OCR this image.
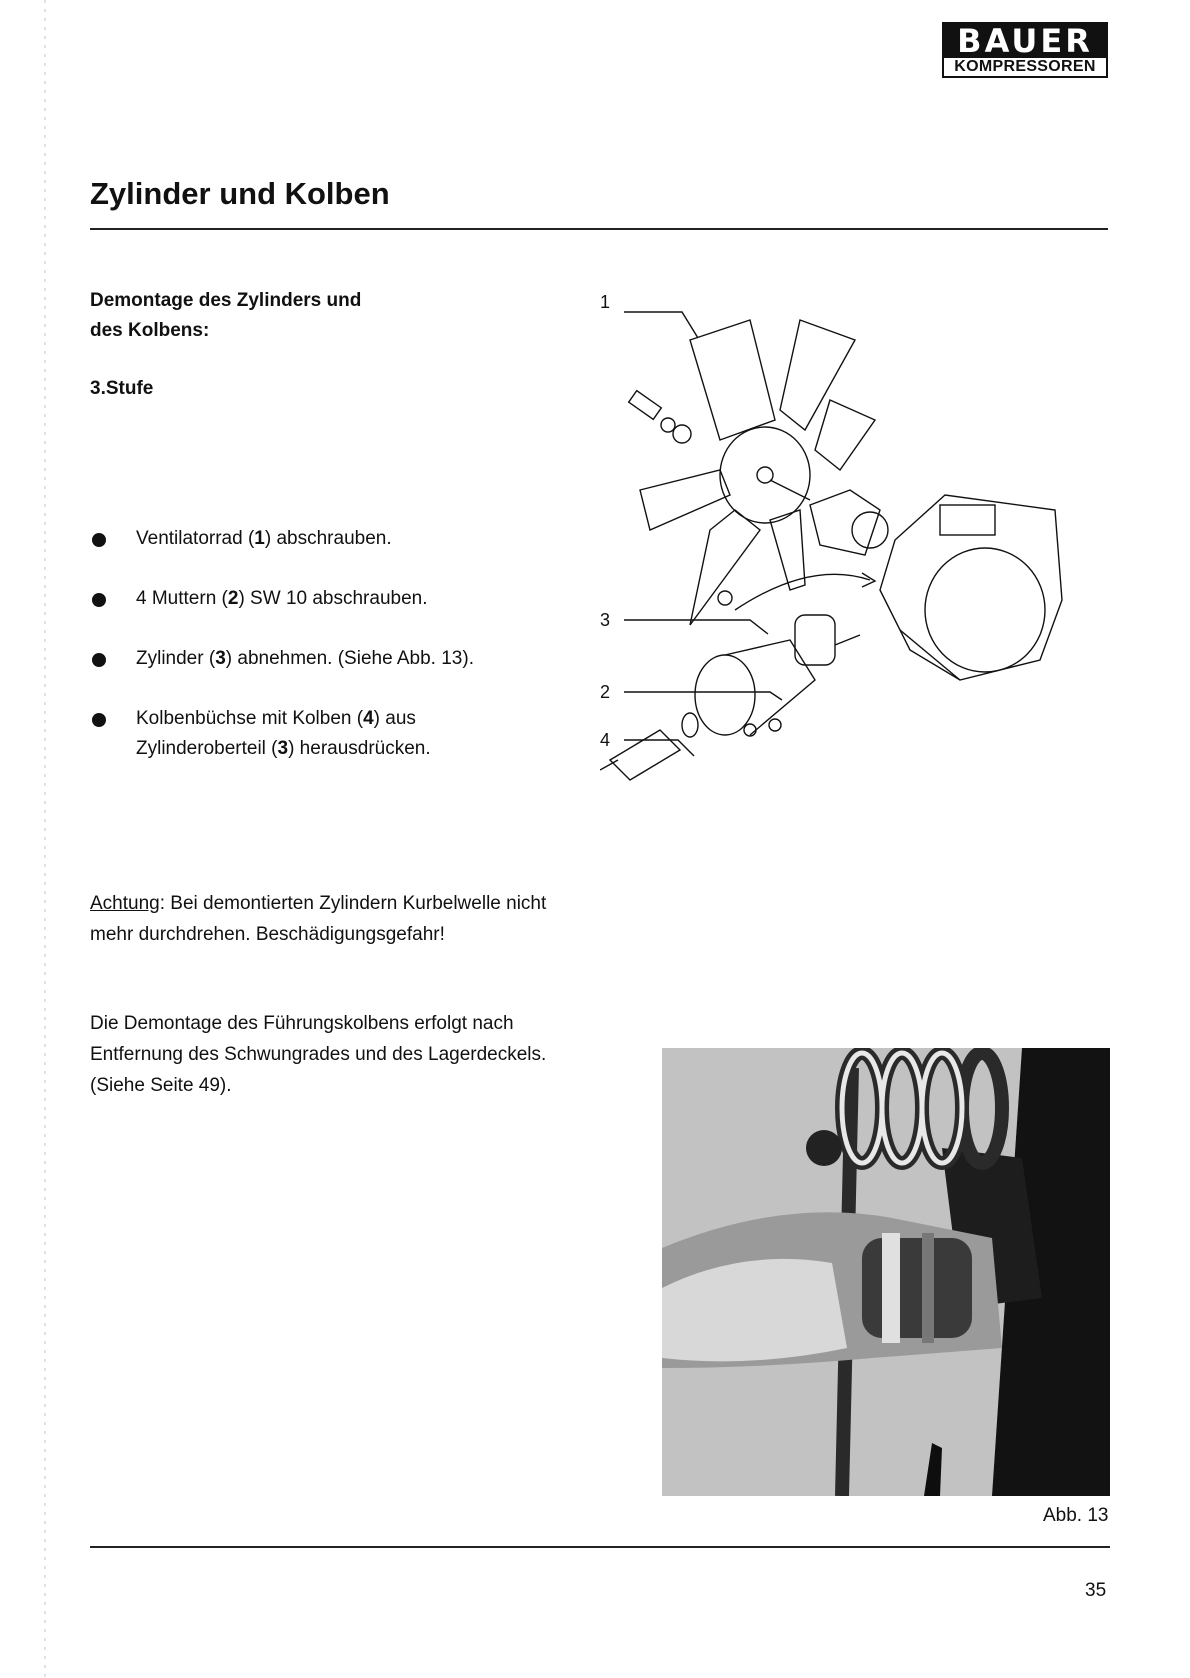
BAUER
KOMPRESSOREN
Zylinder und Kolben
Demontage des Zylinders und
des Kolbens:
3.Stufe
Ventilatorrad (1) abschrauben.
4 Muttern (2) SW 10 abschrauben.
Zylinder (3) abnehmen. (Siehe Abb. 13).
Kolbenbüchse mit Kolben (4) aus
Zylinderoberteil (3) herausdrücken.
Achtung: Bei demontierten Zylindern Kurbelwelle nicht
mehr durchdrehen. Beschädigungsgefahr!
Die Demontage des Führungskolbens erfolgt nach
Entfernung des Schwungrades und des Lagerdeckels.
(Siehe Seite 49).
1
3
2
4
Abb. 13
35
